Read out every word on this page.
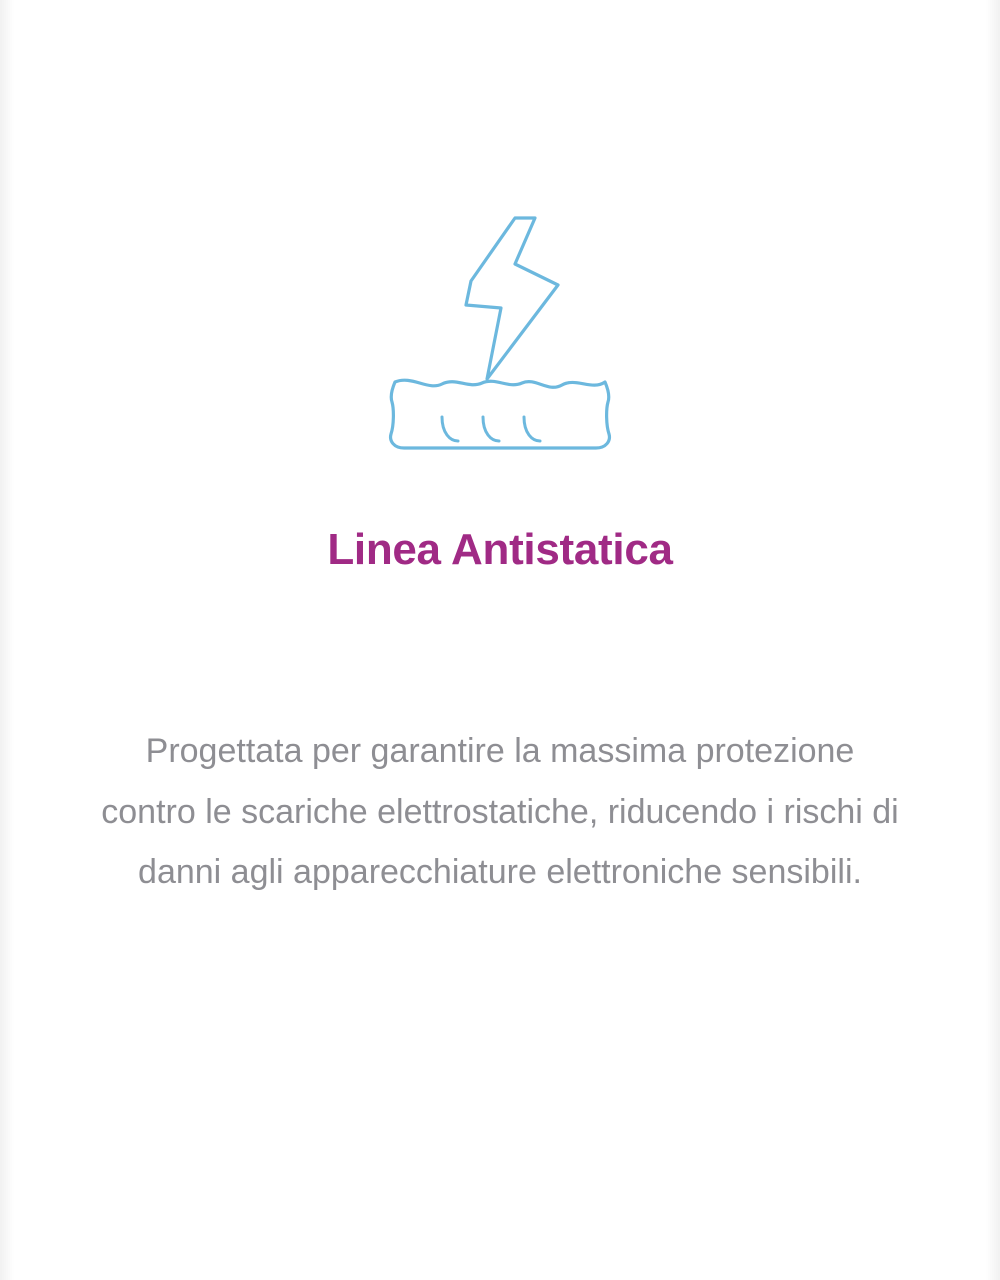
Linea Antistatica

Progettata per garantire la massima protezione contro le scariche elettrostatiche, riducendo i rischi di danni agli apparecchiature elettroniche sensibili.
